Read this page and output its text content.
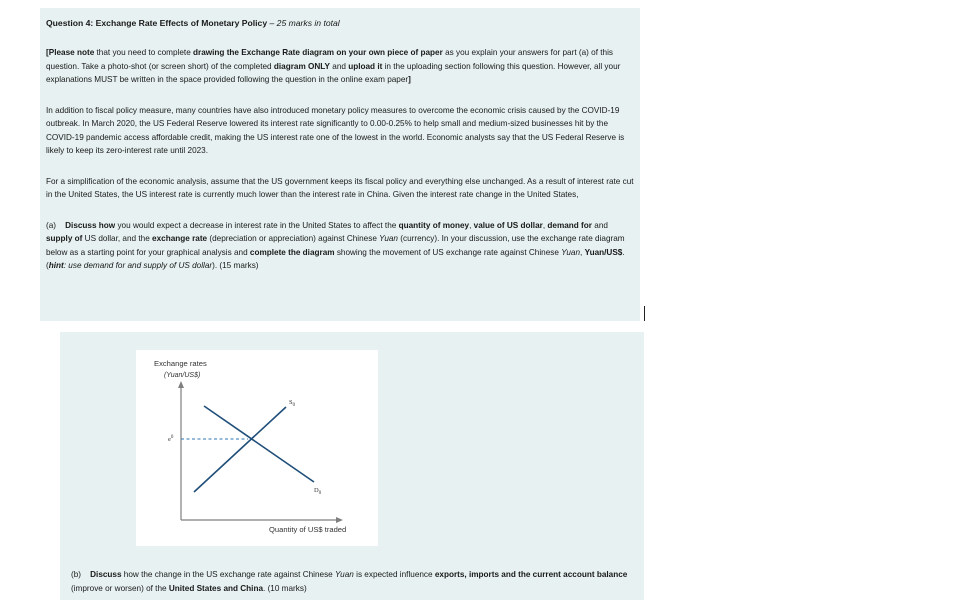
Question 4: Exchange Rate Effects of Monetary Policy – 25 marks in total

[Please note that you need to complete drawing the Exchange Rate diagram on your own piece of paper as you explain your answers for part (a) of this question. Take a photo-shot (or screen short) of the completed diagram ONLY and upload it in the uploading section following this question. However, all your explanations MUST be written in the space provided following the question in the online exam paper]

In addition to fiscal policy measure, many countries have also introduced monetary policy measures to overcome the economic crisis caused by the COVID-19 outbreak. In March 2020, the US Federal Reserve lowered its interest rate significantly to 0.00-0.25% to help small and medium-sized businesses hit by the COVID-19 pandemic access affordable credit, making the US interest rate one of the lowest in the world. Economic analysts say that the US Federal Reserve is likely to keep its zero-interest rate until 2023.

For a simplification of the economic analysis, assume that the US government keeps its fiscal policy and everything else unchanged. As a result of interest rate cut in the United States, the US interest rate is currently much lower than the interest rate in China. Given the interest rate change in the United States,

(a) Discuss how you would expect a decrease in interest rate in the United States to affect the quantity of money, value of US dollar, demand for and supply of US dollar, and the exchange rate (depreciation or appreciation) against Chinese Yuan (currency). In your discussion, use the exchange rate diagram below as a starting point for your graphical analysis and complete the diagram showing the movement of US exchange rate against Chinese Yuan, Yuan/US$. (hint: use demand for and supply of US dollar). (15 marks)

Exchange rates
(Yuan/US$)
$e^0$
$S_0$
$D_0$
Quantity of US$ traded

(b) Discuss how the change in the US exchange rate against Chinese Yuan is expected influence exports, imports and the current account balance (improve or worsen) of the United States and China. (10 marks)
